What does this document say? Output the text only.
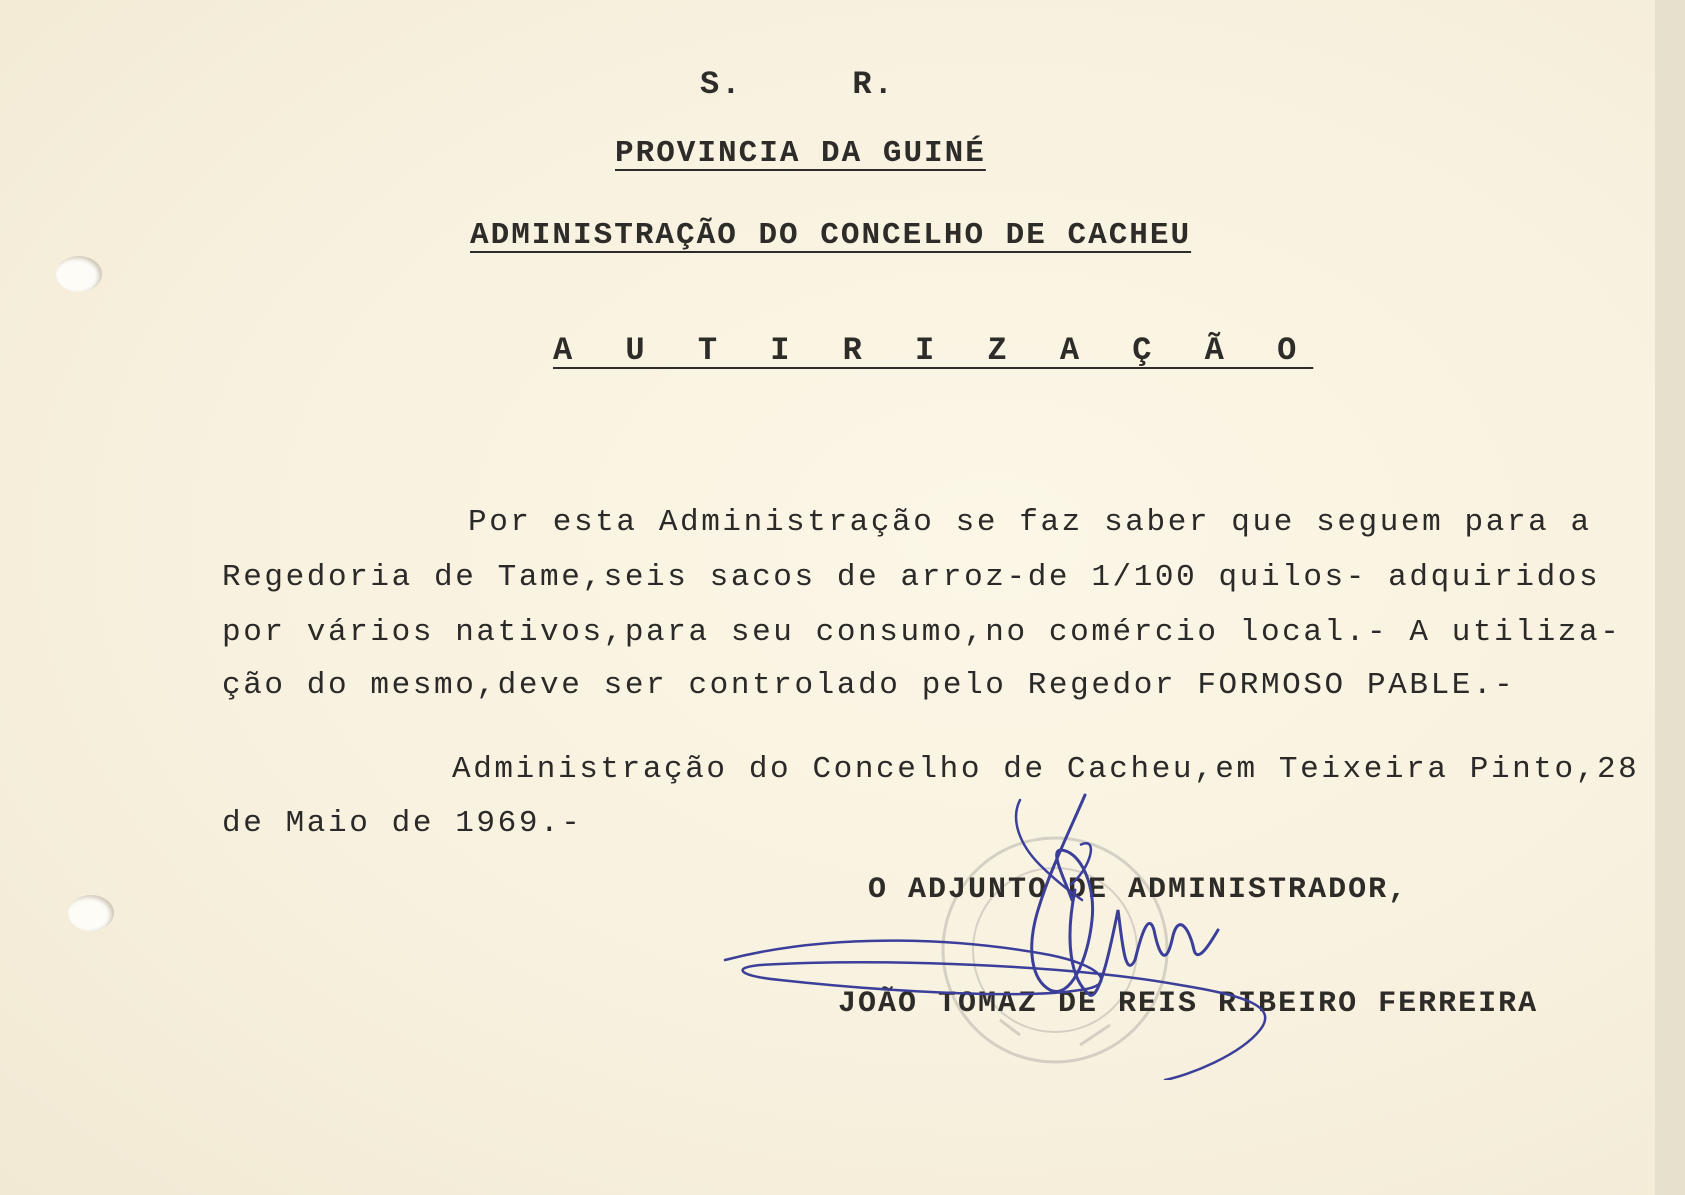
S.	R.
PROVINCIA DA GUINÉ
ADMINISTRAÇÃO DO CONCELHO DE CACHEU
A U T I R I Z A Ç Ã O
Por esta Administração se faz saber que seguem para a
Regedoria de Tame,seis sacos de arroz-de 1/100 quilos- adquiridos
por vários nativos,para seu consumo,no comércio local.- A utiliza-
ção do mesmo,deve ser controlado pelo Regedor FORMOSO PABLE.-
Administração do Concelho de Cacheu,em Teixeira Pinto,28
de Maio de 1969.-
O ADJUNTO DE ADMINISTRADOR,
JOÃO TOMAZ DE REIS RIBEIRO FERREIRA
